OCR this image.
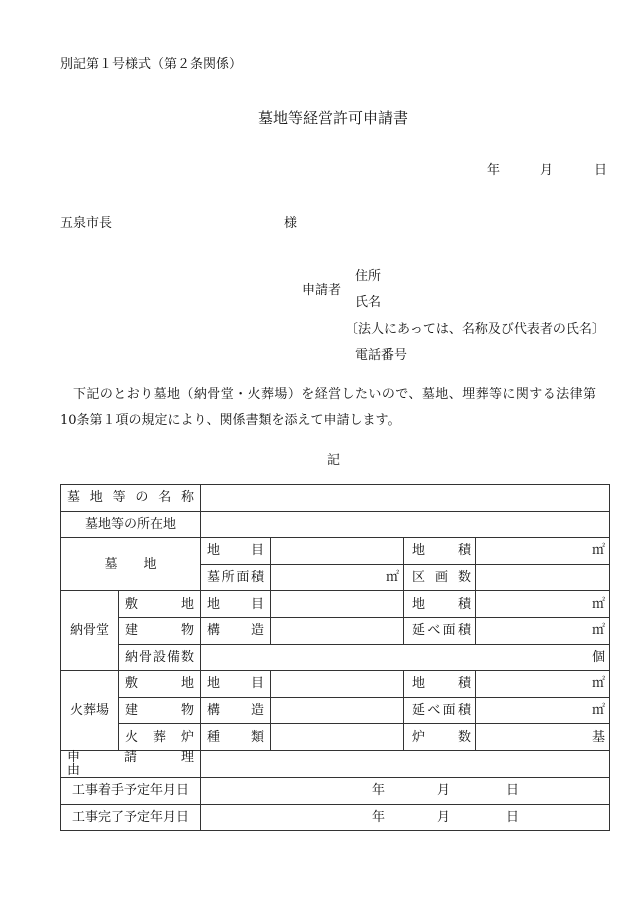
別記第１号様式（第２条関係）
墓地等経営許可申請書
年	月	日
五泉市長	様
申請者
住所
氏名
〔法人にあっては、名称及び代表者の氏名〕
電話番号
下記のとおり墓地（納骨堂・火葬場）を経営したいので、墓地、埋葬等に関する法律第
10条第１項の規定により、関係書類を添えて申請します。
記
墓 地 等 の 名 称					
墓地等の所在地					
墓　　地		地　　目		地　　積	㎡
		墓所面積	㎡	区 画 数	
納骨堂	敷　　地	地　　目		地　　積	㎡
	建　　物	構　　造		延べ面積	㎡
	納骨設備数	個			
火葬場	敷　　地	地　　目		地　　積	㎡
	建　　物	構　　造		延べ面積	㎡
	火　葬　炉	種　　類		炉　　数	基
申　　請　　理　　由					
工事着手予定年月日		年 月 日			
工事完了予定年月日		年 月 日			
